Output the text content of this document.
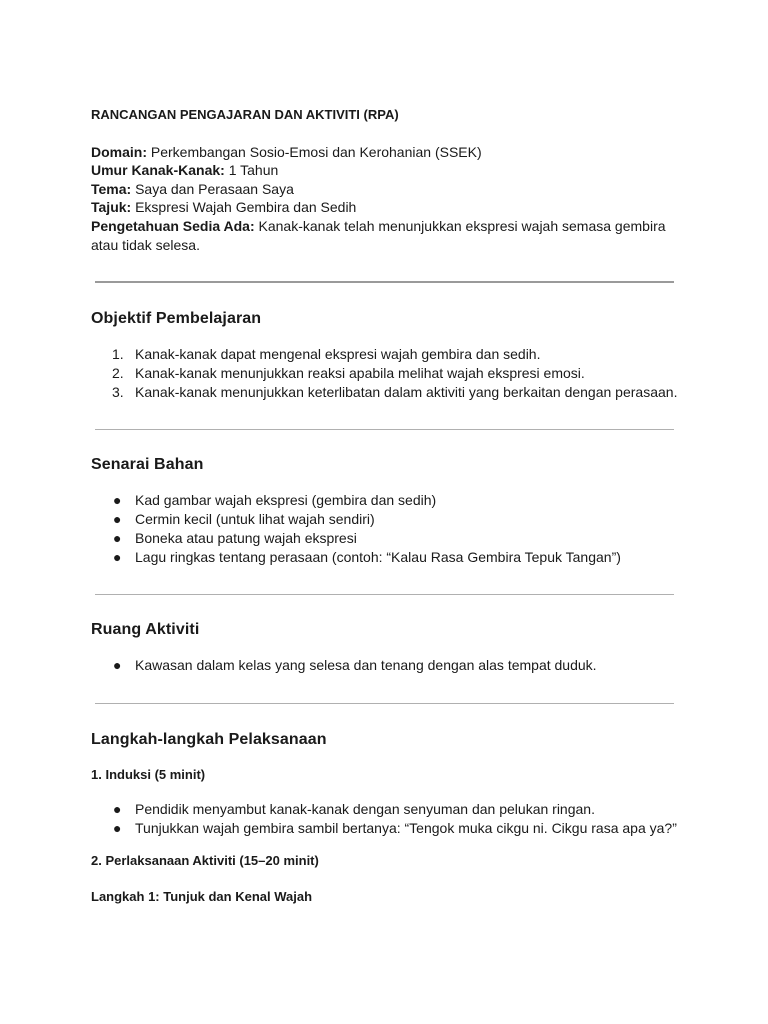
RANCANGAN PENGAJARAN DAN AKTIVITI (RPA)
Domain: Perkembangan Sosio-Emosi dan Kerohanian (SSEK)
Umur Kanak-Kanak: 1 Tahun
Tema: Saya dan Perasaan Saya
Tajuk: Ekspresi Wajah Gembira dan Sedih
Pengetahuan Sedia Ada: Kanak-kanak telah menunjukkan ekspresi wajah semasa gembira atau tidak selesa.
Objektif Pembelajaran
1. Kanak-kanak dapat mengenal ekspresi wajah gembira dan sedih.
2. Kanak-kanak menunjukkan reaksi apabila melihat wajah ekspresi emosi.
3. Kanak-kanak menunjukkan keterlibatan dalam aktiviti yang berkaitan dengan perasaan.
Senarai Bahan
● Kad gambar wajah ekspresi (gembira dan sedih)
● Cermin kecil (untuk lihat wajah sendiri)
● Boneka atau patung wajah ekspresi
● Lagu ringkas tentang perasaan (contoh: “Kalau Rasa Gembira Tepuk Tangan”)
Ruang Aktiviti
● Kawasan dalam kelas yang selesa dan tenang dengan alas tempat duduk.
Langkah-langkah Pelaksanaan
1. Induksi (5 minit)
● Pendidik menyambut kanak-kanak dengan senyuman dan pelukan ringan.
● Tunjukkan wajah gembira sambil bertanya: “Tengok muka cikgu ni. Cikgu rasa apa ya?”
2. Perlaksanaan Aktiviti (15–20 minit)
Langkah 1: Tunjuk dan Kenal Wajah
